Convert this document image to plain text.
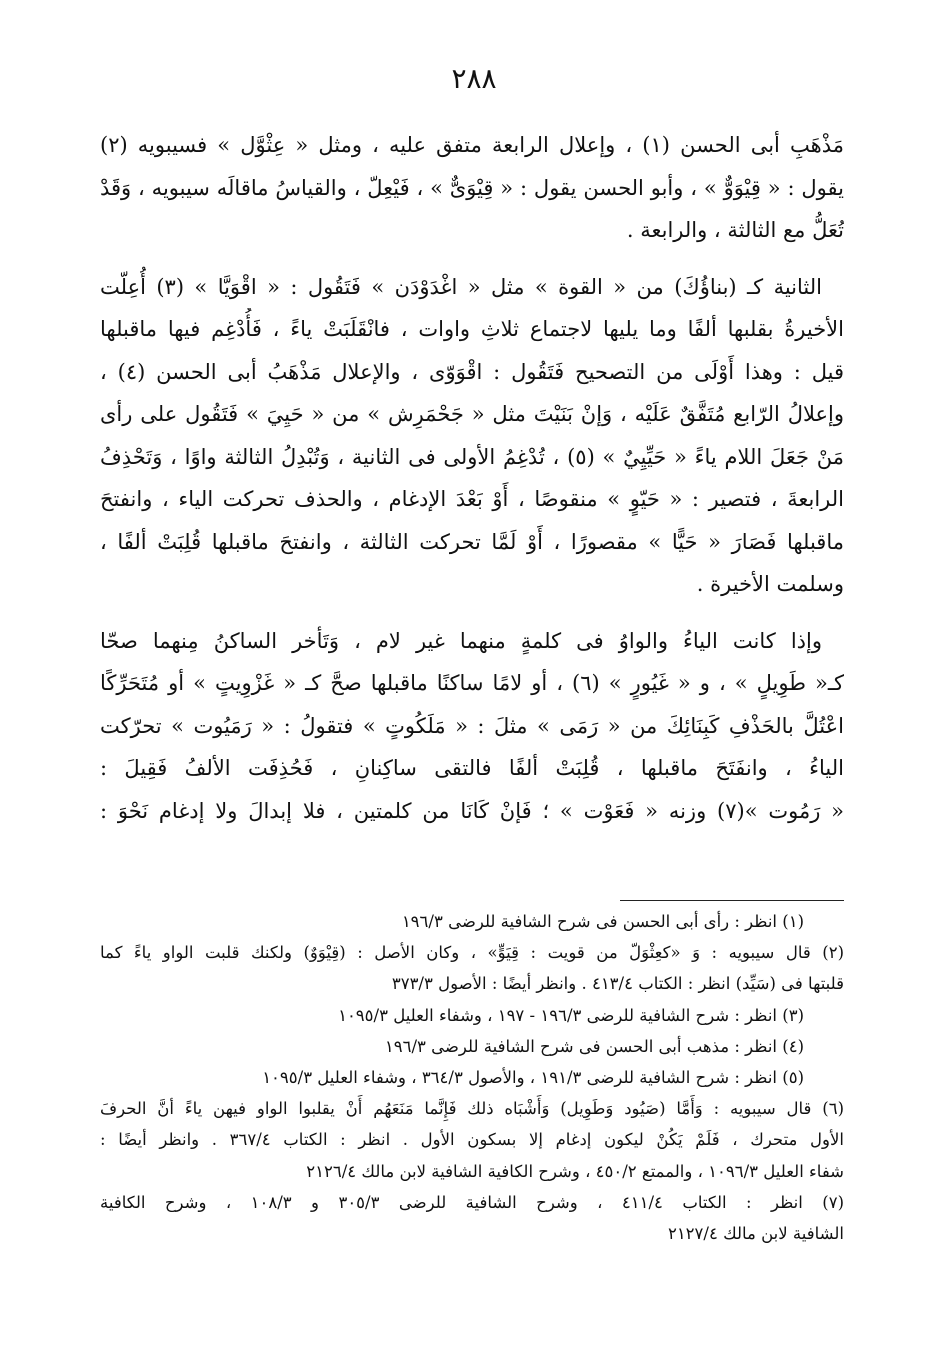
٢٨٨
مَذْهَبِ أبى الحسن (١) ، وإعلال الرابعة متفق عليه ، ومثل « عِثْوَّل » فسيبويه (٢)
يقول : « قِيْوَوٌّ » ، وأبو الحسن يقول : « قِيْوَىٌّ » ، فَيْعِلّ ، والقياسُ ماقالَه سيبويه ، وَقَدْ
تُعَلُّ مع الثالثة ، والرابعة .
الثانية كـ (بناؤُكَ) من « القوة » مثل « اغْدَوْدَن » فَتَقُول : « اقْوَيَّا » (٣) أُعِلّت
الأخيرةُ بقلبها ألفًا وما يليها لاجتماع ثلاثِ واوات ، فانْقَلَبَتْ ياءً ، فَأُدْغِم فيها ماقبلها
قيل : وهذا أَوْلَى من التصحيح فَتَقُول : اقْوَوّى ، والإعلال مَذْهَبُ أبى الحسن (٤) ،
وإعلالُ الرّابع مُتَفَّقٌ عَلَيْه ، وَإنْ بَنَيْتَ مثل « جَحْمَرِش » من « حَيِيَ » فَتَقُول على رأى
مَنْ جَعَلَ اللام ياءً « حَيِّيِيٌ » (٥) ، تُدْغِمُ الأولى فى الثانية ، وَتُبْدِلُ الثالثة واوًا ، وَتَحْذِفُ
الرابعةَ ، فتصير : « حَيّوٍ » منقوصًا ، أَوْ بَعْدَ الإدغام ، والحذف تحركت الياء ، وانفتحَ
ماقبلها فَصَارَ « حَيًّا » مقصورًا ، أَوْ لَمَّا تحركت الثالثة ، وانفتحَ ماقبلها قُلِبَتْ ألفًا ،
وسلمت الأخيرة .
وإذا كانت الياءُ والواوُ فى كلمةٍ منهما غير لام ، وَتَأخر الساكنُ مِنهما صحّا
كـ« طَوِيلٍ » ، و « غَيُورٍ » (٦) ، أو لامًا ساكنًا ماقبلها صحَّ كـ « غَزْوِيتٍ » أو مُتَحَرِّكًا
اعْتُلَّ بالحَذْفِ كَبِنَائِكَ من « رَمَى » مثلَ : « مَلَكُوتٍ » فتقولُ : « رَمَيُوت » تحرّكت
الياءُ ، وانفَتَحَ ماقبلها ، قُلِبَتْ ألفًا فالتقى ساكِنانِ ، فَحُذِفَت الألفُ فَقِيلَ :
« رَمُوت »(٧) وزنه « فَعَوْت » ؛ فَإنْ كَانَا من كلمتين ، فلا إبدالَ ولا إدغام نَحْوَ :
(١) انظر : رأى أبى الحسن فى شرح الشافية للرضى ١٩٦/٣
(٢) قال سيبويه : وَ «كعِثْوَلّ من قويت : قِيَوٍّ» ، وكان الأصل : (قِيْوَوٌ) ولكنك قلبت الواو ياءً كما
قلبتها فى (سَيِّد) انظر : الكتاب ٤١٣/٤ . وانظر أيضًا : الأصول ٣٧٣/٣
(٣) انظر : شرح الشافية للرضى ١٩٦/٣ - ١٩٧ ، وشفاء العليل ١٠٩٥/٣
(٤) انظر : مذهب أبى الحسن فى شرح الشافية للرضى ١٩٦/٣
(٥) انظر : شرح الشافية للرضى ١٩١/٣ ، والأصول ٣٦٤/٣ ، وشفاء العليل ١٠٩٥/٣
(٦) قال سيبويه : وَأَمَّا (صَيُود وَطَوِيل) وَأَشْبَاه ذلك فَإِنَّما مَنَعَهُم أَنْ يقلبوا الواو فيهن ياءً أنَّ الحرفَ
الأول متحرك ، فَلَمْ يَكُنْ ليكون إدغام إلا بسكون الأول . انظر : الكتاب ٣٦٧/٤ . وانظر أيضًا :
شفاء العليل ١٠٩٦/٣ ، والممتع ٤٥٠/٢ ، وشرح الكافية الشافية لابن مالك ٢١٢٦/٤
(٧) انظر : الكتاب ٤١١/٤ ، وشرح الشافية للرضى ٣٠٥/٣ و ١٠٨/٣ ، وشرح الكافية
الشافية لابن مالك ٢١٢٧/٤
